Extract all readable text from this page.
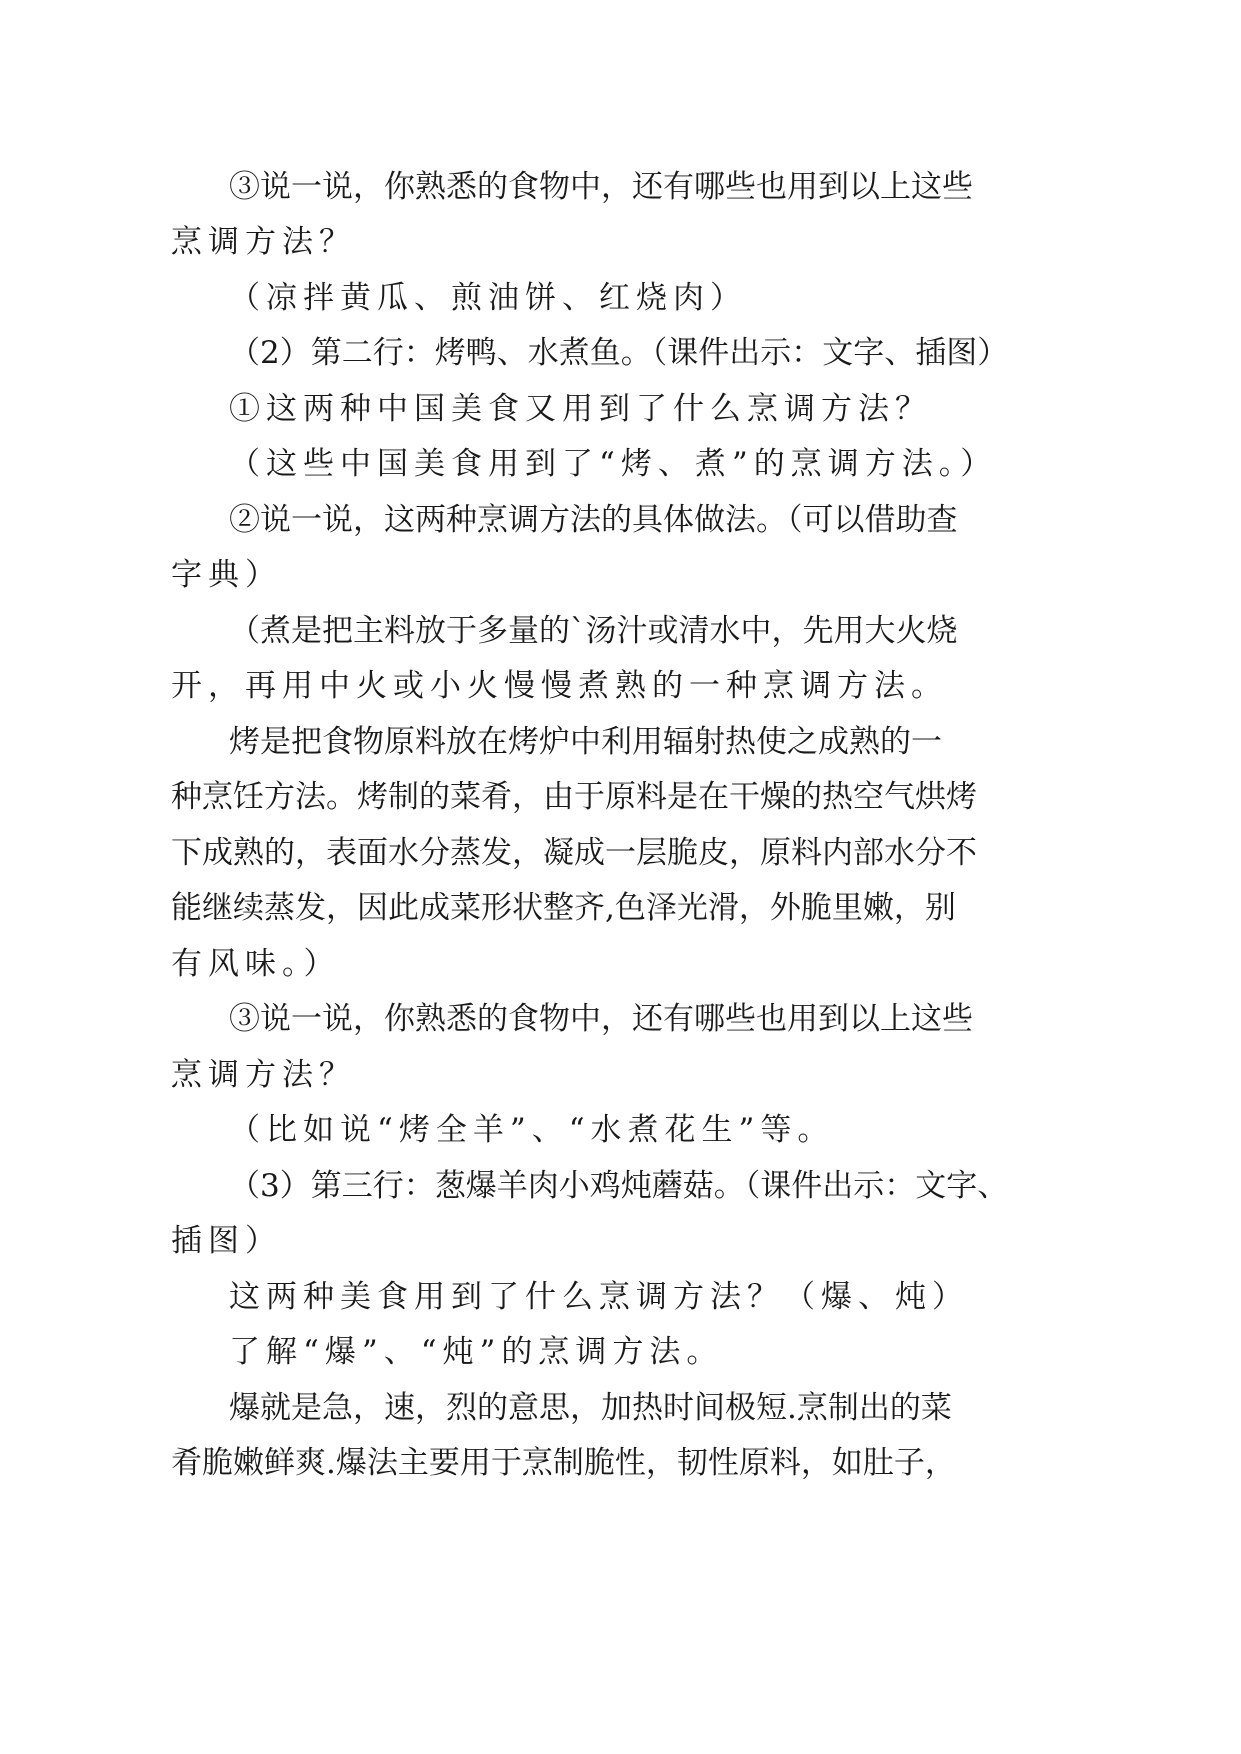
③说一说，你熟悉的食物中，还有哪些也用到以上这些
烹调方法？
（凉拌黄瓜、煎油饼、红烧肉）
（2）第二行：烤鸭、水煮鱼。（课件出示：文字、插图）
①这两种中国美食又用到了什么烹调方法？
（这些中国美食用到了“烤、煮”的烹调方法。）
②说一说，这两种烹调方法的具体做法。（可以借助查
字典）
（煮是把主料放于多量的`汤汁或清水中，先用大火烧
开，再用中火或小火慢慢煮熟的一种烹调方法。
烤是把食物原料放在烤炉中利用辐射热使之成熟的一
种烹饪方法。烤制的菜肴，由于原料是在干燥的热空气烘烤
下成熟的，表面水分蒸发，凝成一层脆皮，原料内部水分不
能继续蒸发，因此成菜形状整齐,色泽光滑，外脆里嫩，别
有风味。）
③说一说，你熟悉的食物中，还有哪些也用到以上这些
烹调方法？
（比如说“烤全羊”、“水煮花生”等。
（3）第三行：葱爆羊肉小鸡炖蘑菇。（课件出示：文字、
插图）
这两种美食用到了什么烹调方法？（爆、炖）
了解“爆”、“炖”的烹调方法。
爆就是急，速，烈的意思，加热时间极短.烹制出的菜
肴脆嫩鲜爽.爆法主要用于烹制脆性，韧性原料，如肚子，
